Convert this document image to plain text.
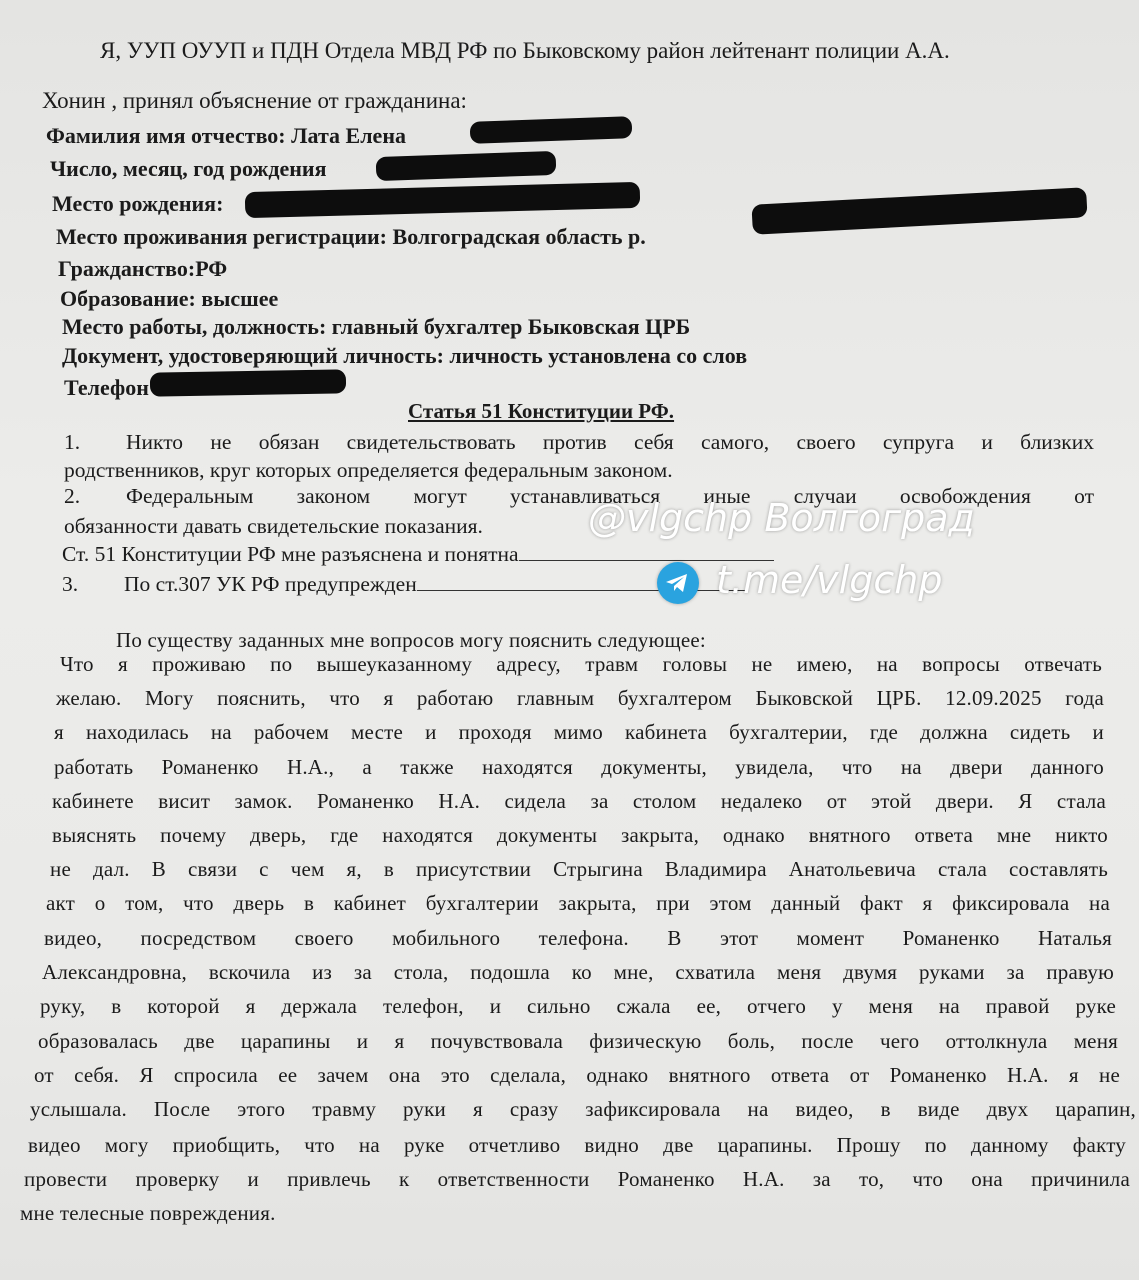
Я, УУП ОУУП и ПДН Отдела МВД РФ по Быковскому район лейтенант полиции А.А.
Хонин , принял объяснение от гражданина:
Фамилия имя отчество: Лата Елена
Число, месяц, год рождения
Место рождения:
Место проживания регистрации: Волгоградская область р.
Гражданство:РФ
Образование: высшее
Место работы, должность: главный бухгалтер Быковская ЦРБ
Документ, удостоверяющий личность: личность установлена со слов
Телефон
Статья 51 Конституции РФ.
1. Никто не обязан свидетельствовать против себя самого, своего супруга и близких
родственников, круг которых определяется федеральным законом.
2. Федеральным законом могут устанавливаться иные случаи освобождения от
обязанности давать свидетельские показания.
Ст. 51 Конституции РФ мне разъяснена и понятна
3. По ст.307 УК РФ предупрежден
По существу заданных мне вопросов могу пояснить следующее:
Что я проживаю по вышеуказанному адресу, травм головы не имею, на вопросы отвечать
желаю. Могу пояснить, что я работаю главным бухгалтером Быковской ЦРБ. 12.09.2025 года
я находилась на рабочем месте и проходя мимо кабинета бухгалтерии, где должна сидеть и
работать Романенко Н.А., а также находятся документы, увидела, что на двери данного
кабинете висит замок. Романенко Н.А. сидела за столом недалеко от этой двери. Я стала
выяснять почему дверь, где находятся документы закрыта, однако внятного ответа мне никто
не дал. В связи с чем я, в присутствии Стрыгина Владимира Анатольевича стала составлять
акт о том, что дверь в кабинет бухгалтерии закрыта, при этом данный факт я фиксировала на
видео, посредством своего мобильного телефона. В этот момент Романенко Наталья
Александровна, вскочила из за стола, подошла ко мне, схватила меня двумя руками за правую
руку, в которой я держала телефон, и сильно сжала ее, отчего у меня на правой руке
образовалась две царапины и я почувствовала физическую боль, после чего оттолкнула меня
от себя. Я спросила ее зачем она это сделала, однако внятного ответа от Романенко Н.А. я не
услышала. После этого травму руки я сразу зафиксировала на видео, в виде двух царапин,
видео могу приобщить, что на руке отчетливо видно две царапины. Прошу по данному факту
провести проверку и привлечь к ответственности Романенко Н.А. за то, что она причинила
мне телесные повреждения.
@vlgchp Волгоград
t.me/vlgchp
